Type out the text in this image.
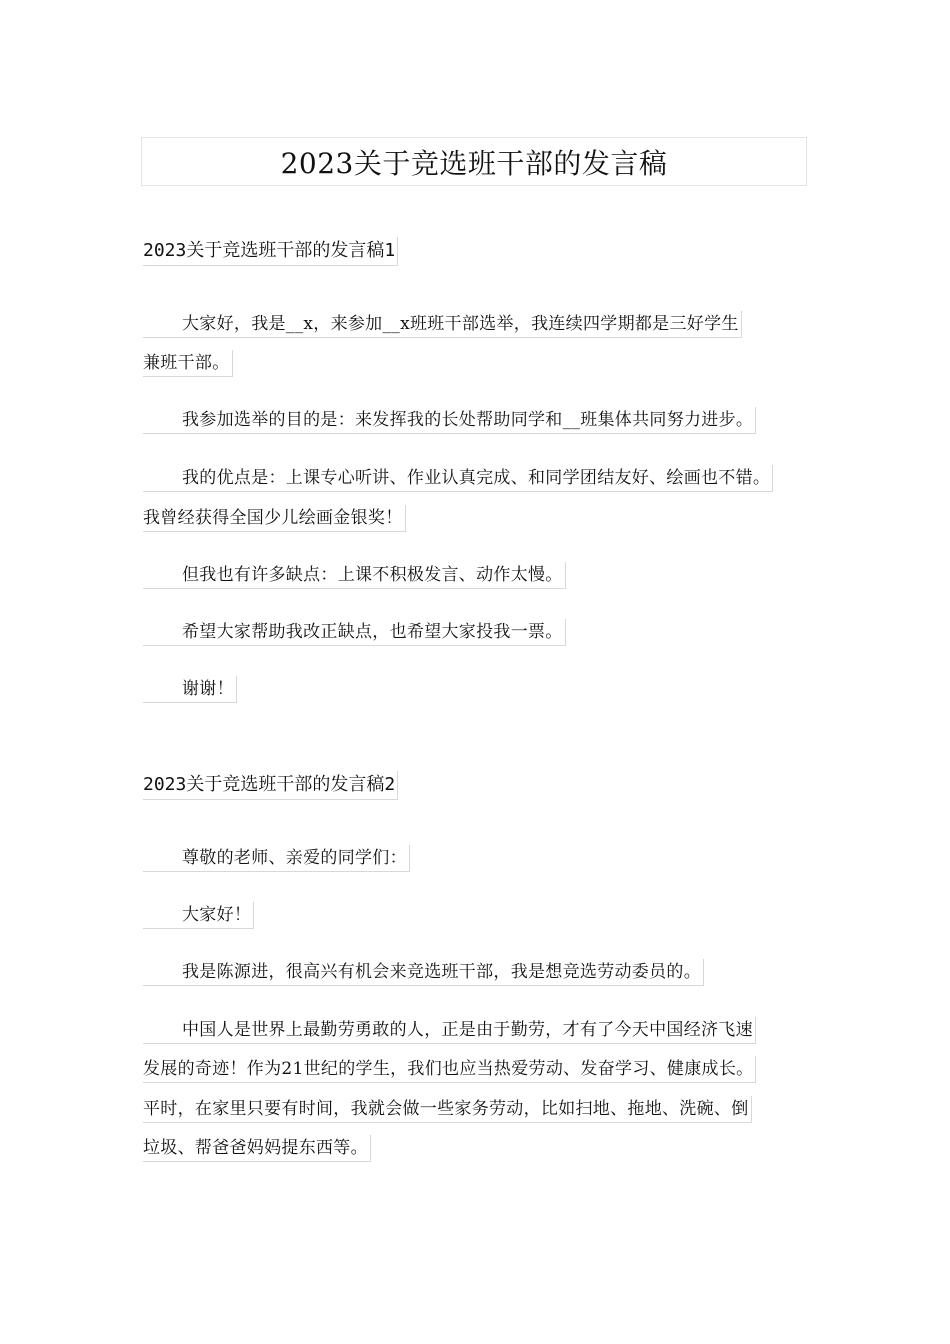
2023关于竞选班干部的发言稿
2023关于竞选班干部的发言稿1
大家好，我是__x，来参加__x班班干部选举，我连续四学期都是三好学生
兼班干部。
我参加选举的目的是：来发挥我的长处帮助同学和__班集体共同努力进步。
我的优点是：上课专心听讲、作业认真完成、和同学团结友好、绘画也不错。
我曾经获得全国少儿绘画金银奖！
但我也有许多缺点：上课不积极发言、动作太慢。
希望大家帮助我改正缺点，也希望大家投我一票。
谢谢！
2023关于竞选班干部的发言稿2
尊敬的老师、亲爱的同学们：
大家好！
我是陈源进，很高兴有机会来竞选班干部，我是想竞选劳动委员的。
中国人是世界上最勤劳勇敢的人，正是由于勤劳，才有了今天中国经济飞速
发展的奇迹！作为21世纪的学生，我们也应当热爱劳动、发奋学习、健康成长。
平时，在家里只要有时间，我就会做一些家务劳动，比如扫地、拖地、洗碗、倒
垃圾、帮爸爸妈妈提东西等。
